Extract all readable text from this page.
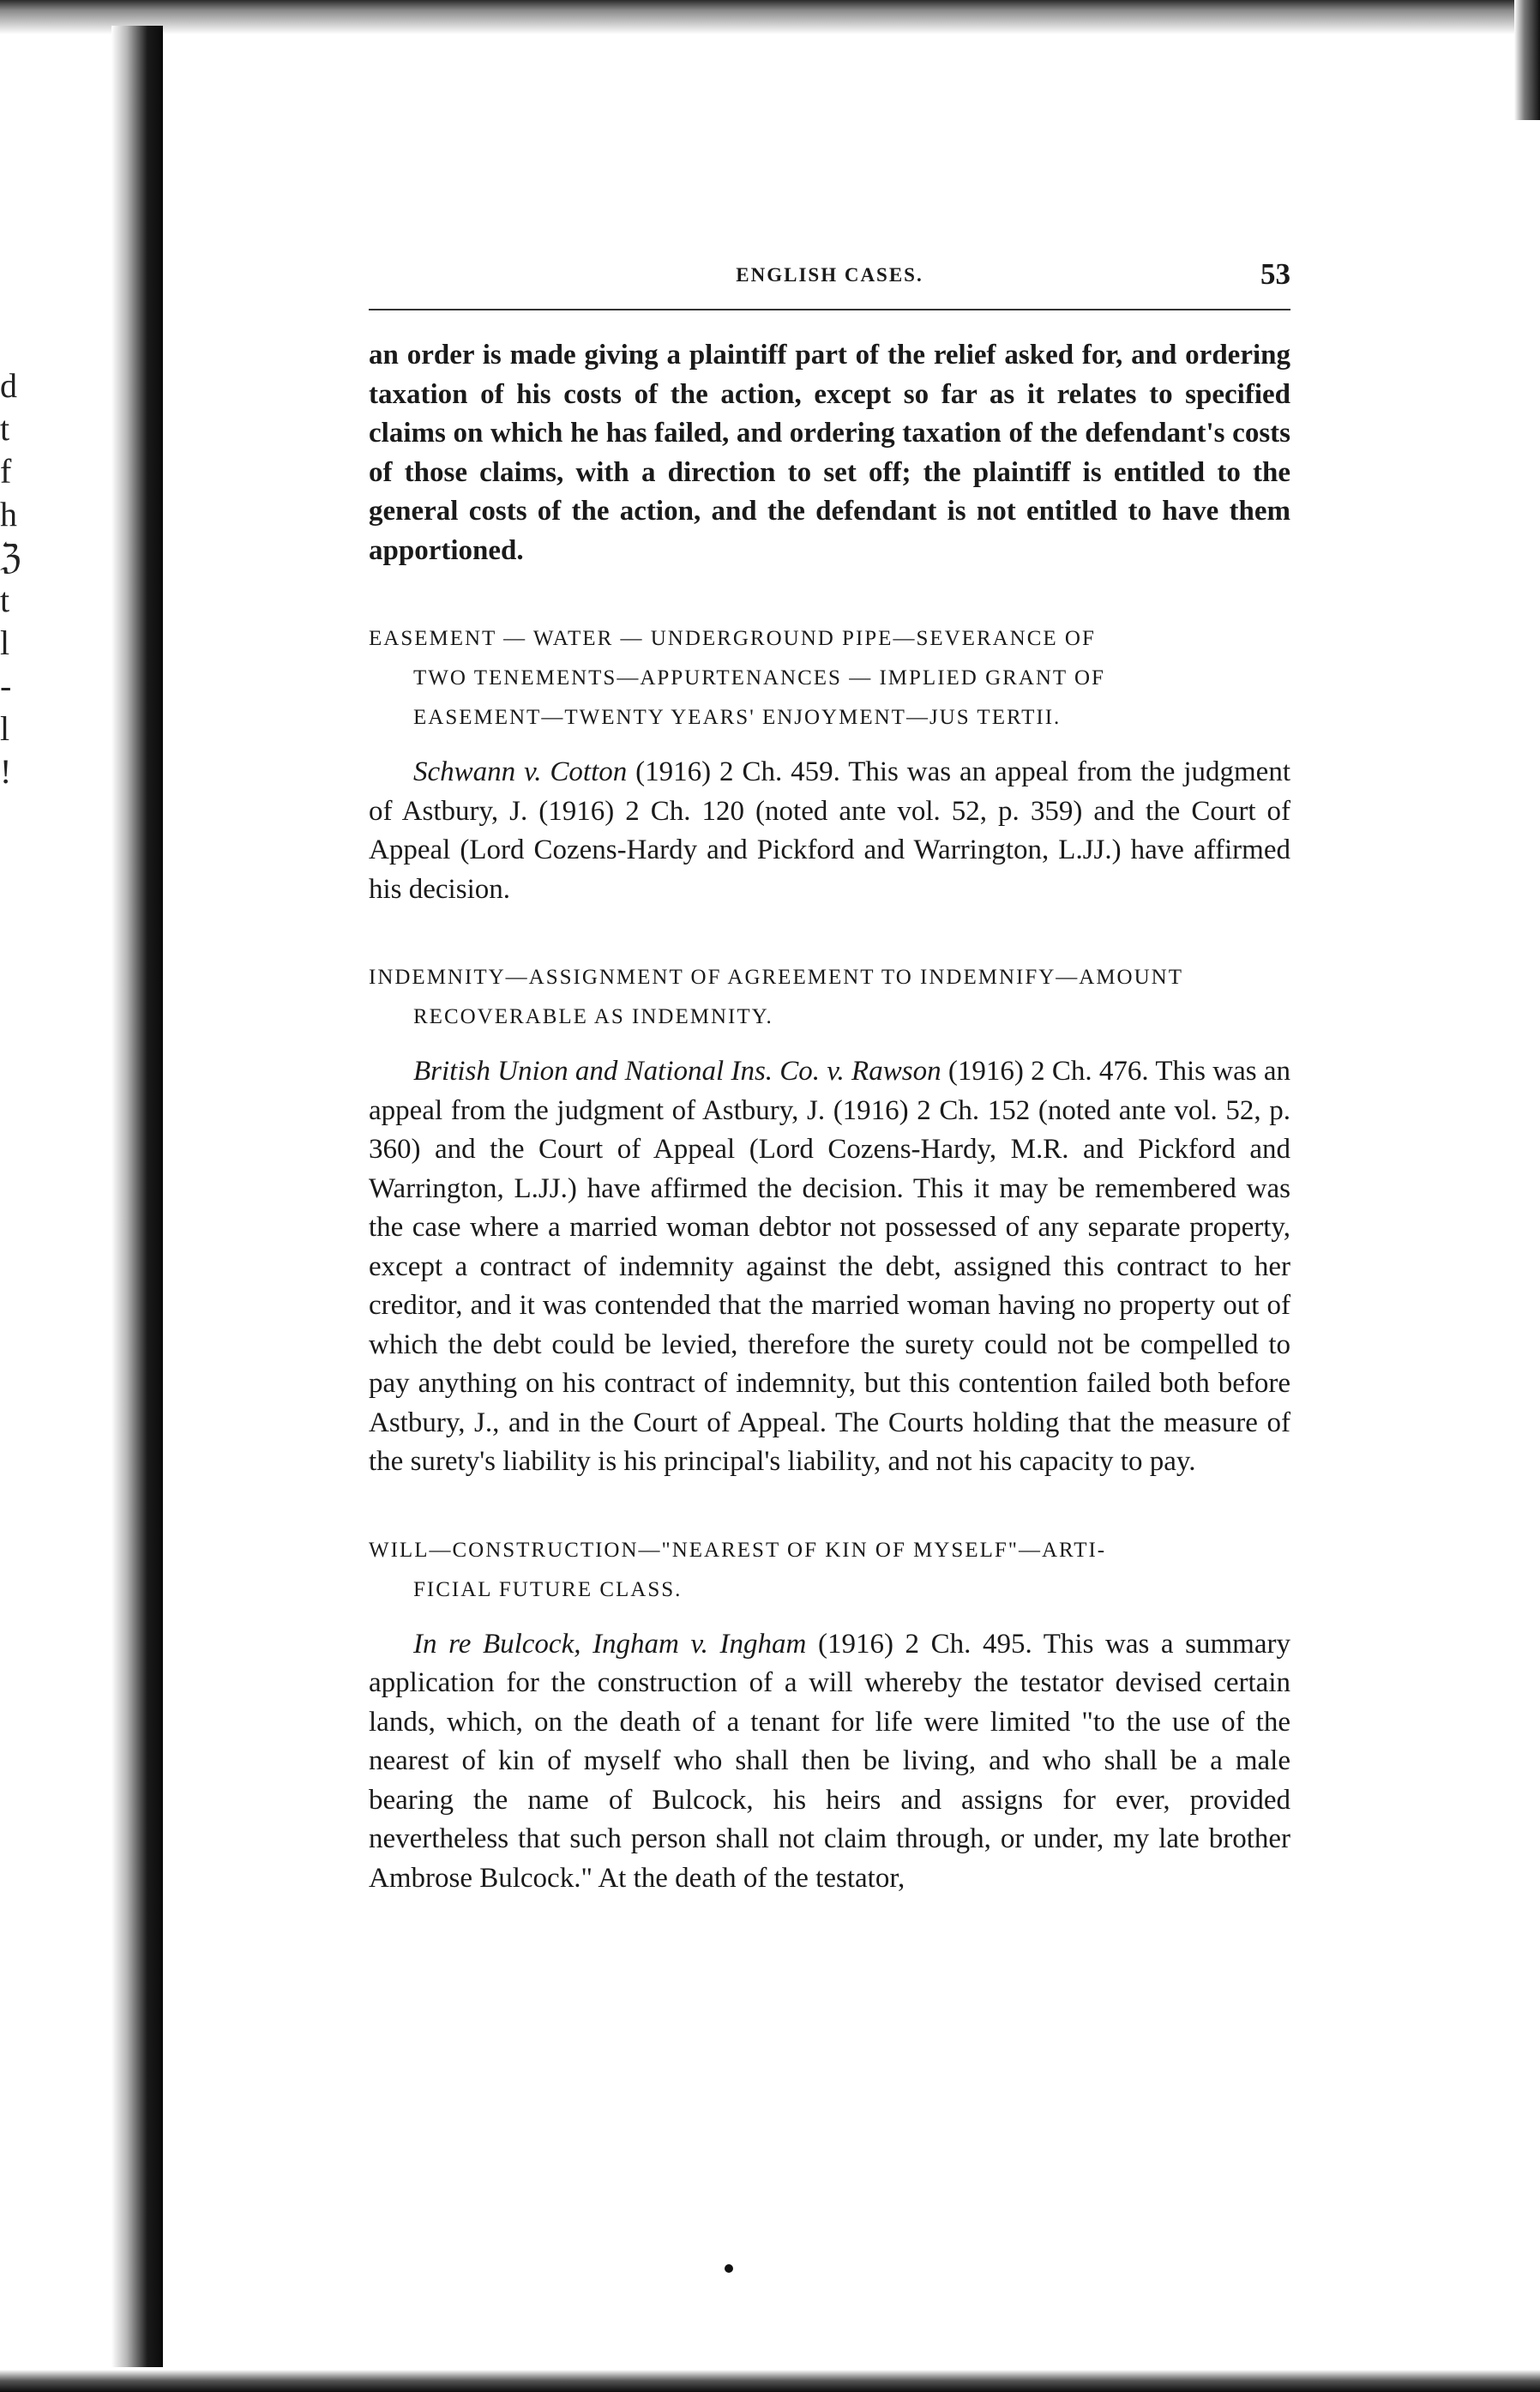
d
t
f
h
ℨ
t
l
-
l
!
ENGLISH CASES.	53

an order is made giving a plaintiff part of the relief asked for, and ordering taxation of his costs of the action, except so far as it relates to specified claims on which he has failed, and ordering taxation of the defendant's costs of those claims, with a direction to set off; the plaintiff is entitled to the general costs of the action, and the defendant is not entitled to have them apportioned.

EASEMENT — WATER — UNDERGROUND PIPE—SEVERANCE OF
TWO TENEMENTS—APPURTENANCES — IMPLIED GRANT OF
EASEMENT—TWENTY YEARS' ENJOYMENT—JUS TERTII.

Schwann v. Cotton (1916) 2 Ch. 459. This was an appeal from the judgment of Astbury, J. (1916) 2 Ch. 120 (noted ante vol. 52, p. 359) and the Court of Appeal (Lord Cozens-Hardy and Pickford and Warrington, L.JJ.) have affirmed his decision.

INDEMNITY—ASSIGNMENT OF AGREEMENT TO INDEMNIFY—AMOUNT
RECOVERABLE AS INDEMNITY.

British Union and National Ins. Co. v. Rawson (1916) 2 Ch. 476. This was an appeal from the judgment of Astbury, J. (1916) 2 Ch. 152 (noted ante vol. 52, p. 360) and the Court of Appeal (Lord Cozens-Hardy, M.R. and Pickford and Warrington, L.JJ.) have affirmed the decision. This it may be remembered was the case where a married woman debtor not possessed of any separate property, except a contract of indemnity against the debt, assigned this contract to her creditor, and it was contended that the married woman having no property out of which the debt could be levied, therefore the surety could not be compelled to pay anything on his contract of indemnity, but this contention failed both before Astbury, J., and in the Court of Appeal. The Courts holding that the measure of the surety's liability is his principal's liability, and not his capacity to pay.

WILL—CONSTRUCTION—"NEAREST OF KIN OF MYSELF"—ARTI-
FICIAL FUTURE CLASS.

In re Bulcock, Ingham v. Ingham (1916) 2 Ch. 495. This was a summary application for the construction of a will whereby the testator devised certain lands, which, on the death of a tenant for life were limited "to the use of the nearest of kin of myself who shall then be living, and who shall be a male bearing the name of Bulcock, his heirs and assigns for ever, provided nevertheless that such person shall not claim through, or under, my late brother Ambrose Bulcock." At the death of the testator,
